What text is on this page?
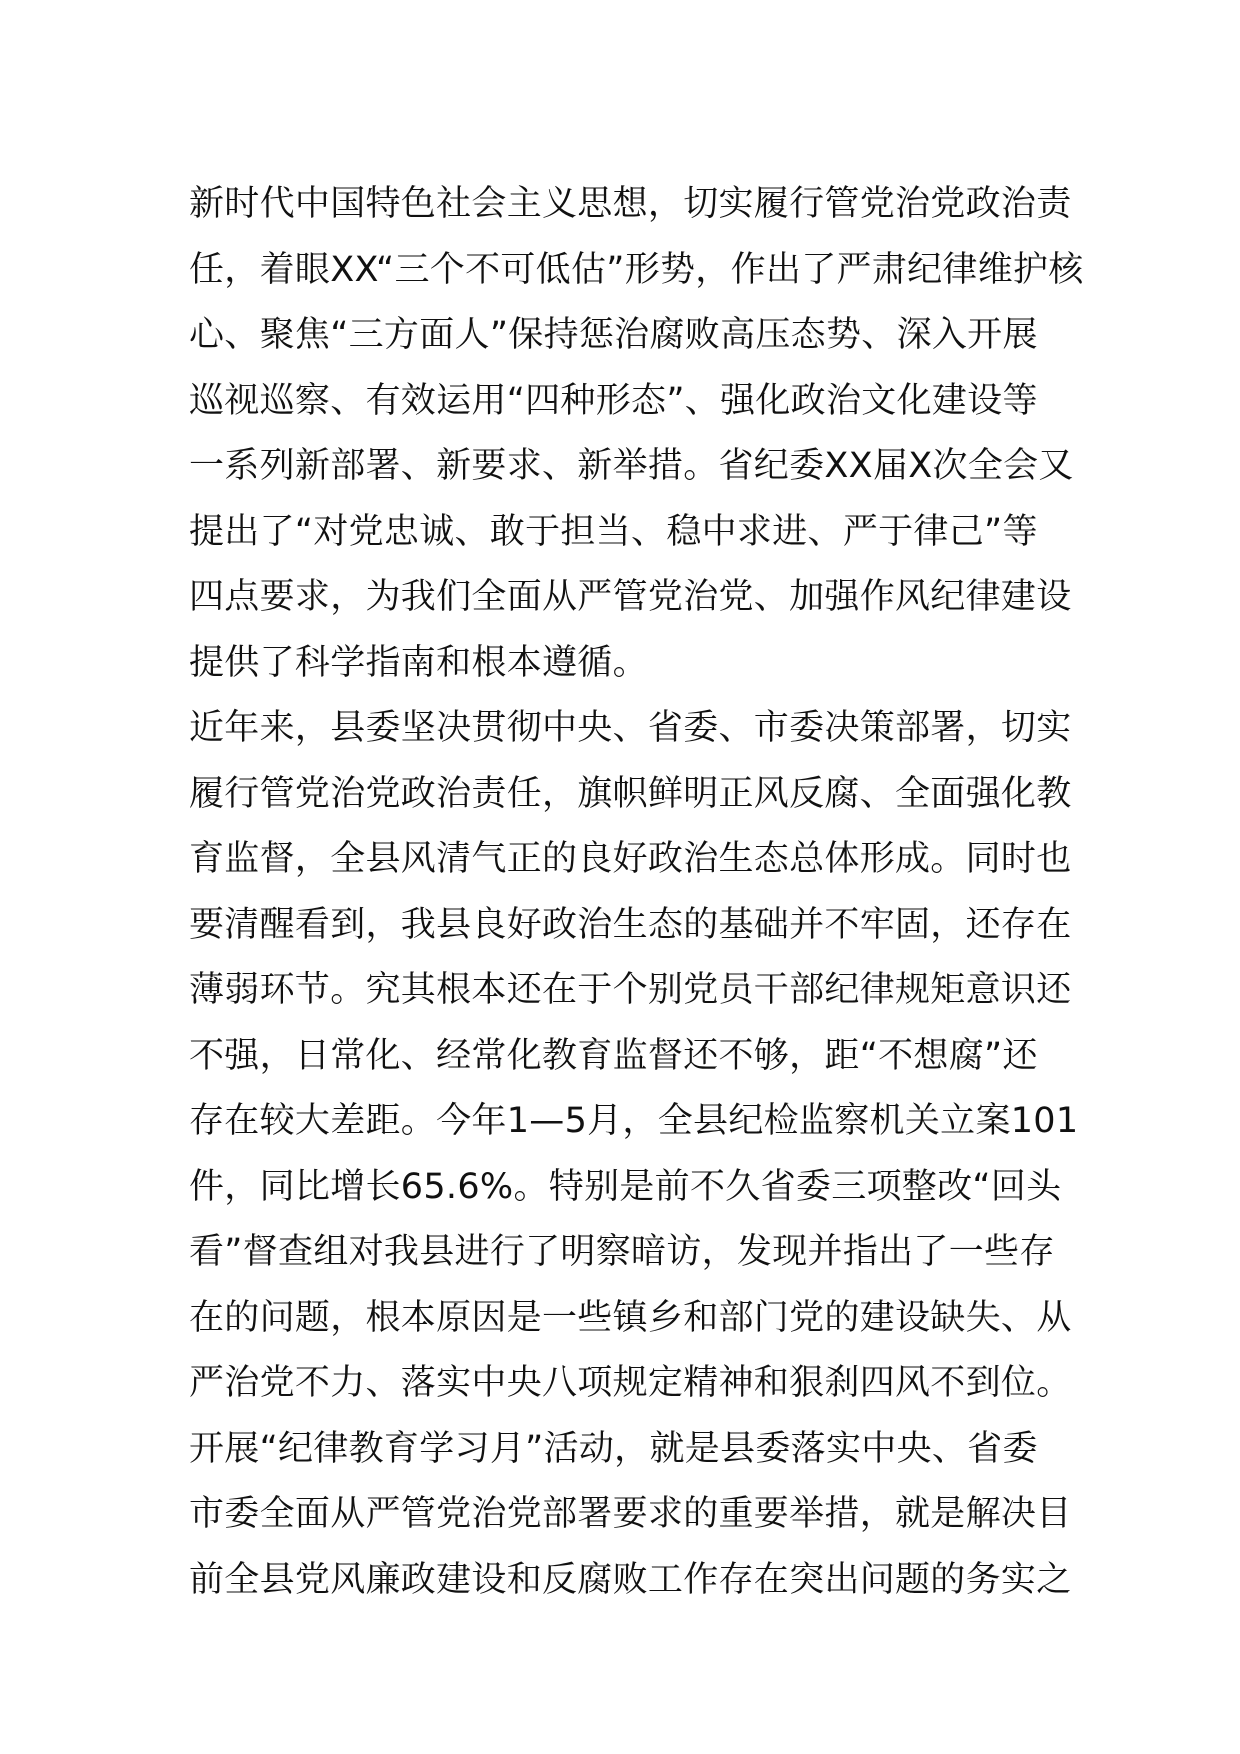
新时代中国特色社会主义思想，切实履行管党治党政治责
任，着眼XX“三个不可低估”形势，作出了严肃纪律维护核
心、聚焦“三方面人”保持惩治腐败高压态势、深入开展
巡视巡察、有效运用“四种形态”、强化政治文化建设等
一系列新部署、新要求、新举措。省纪委XX届X次全会又
提出了“对党忠诚、敢于担当、稳中求进、严于律己”等
四点要求，为我们全面从严管党治党、加强作风纪律建设
提供了科学指南和根本遵循。
近年来，县委坚决贯彻中央、省委、市委决策部署，切实
履行管党治党政治责任，旗帜鲜明正风反腐、全面强化教
育监督，全县风清气正的良好政治生态总体形成。同时也
要清醒看到，我县良好政治生态的基础并不牢固，还存在
薄弱环节。究其根本还在于个别党员干部纪律规矩意识还
不强，日常化、经常化教育监督还不够，距“不想腐”还
存在较大差距。今年1—5月，全县纪检监察机关立案101
件，同比增长65.6%。特别是前不久省委三项整改“回头
看”督查组对我县进行了明察暗访，发现并指出了一些存
在的问题，根本原因是一些镇乡和部门党的建设缺失、从
严治党不力、落实中央八项规定精神和狠刹四风不到位。
开展“纪律教育学习月”活动，就是县委落实中央、省委
市委全面从严管党治党部署要求的重要举措，就是解决目
前全县党风廉政建设和反腐败工作存在突出问题的务实之
